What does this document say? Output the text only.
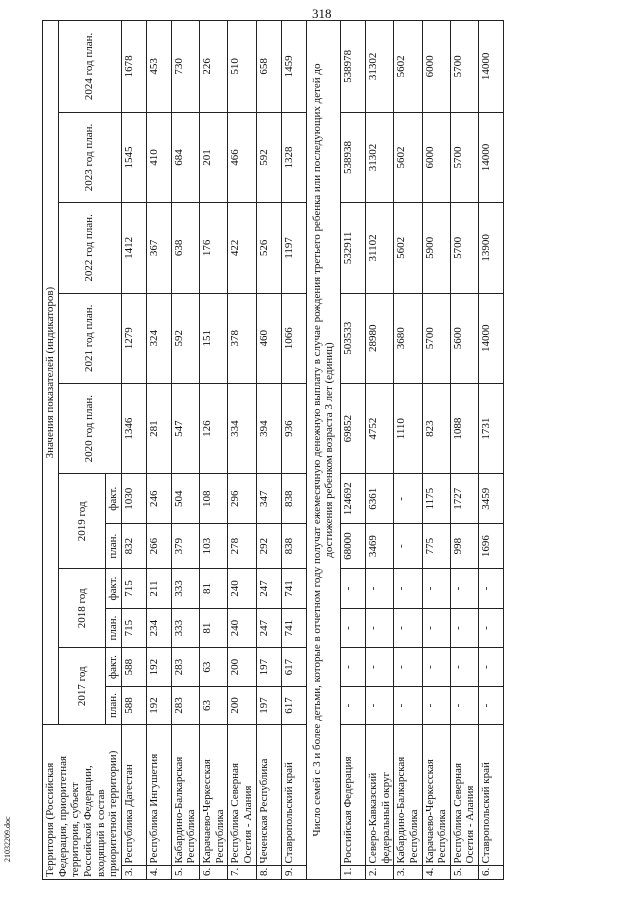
318
21032209.doc	Территория (Российская Федерация, приоритетная территория, субъект Российской Федерации, входящий в состав приоритетной территории)		Значения показателей (индикаторов)										
		2017 год		2018 год		2019 год		2020 год план.	2021 год план.	2022 год план.	2023 год план.	2024 год план.
		план.	факт.	план.	факт.	план.	факт.					
3.	Республика Дагестан	588	588	715	715	832	1030	1346	1279	1412	1545	1678
4.	Республика Ингушетия	192	192	234	211	266	246	281	324	367	410	453
5.	Кабардино-Балкарская Республика	283	283	333	333	379	504	547	592	638	684	730
6.	Карачаево-Черкесская Республика	63	63	81	81	103	108	126	151	176	201	226
7.	Республика Северная Осетия - Алания	200	200	240	240	278	296	334	378	422	466	510
8.	Чеченская Республика	197	197	247	247	292	347	394	460	526	592	658
9.	Ставропольский край	617	617	741	741	838	838	936	1066	1197	1328	1459
Число семей с 3 и более детьми, которые в отчетном году получат ежемесячную денежную выплату в случае рождения третьего ребенка или последующих детей до достижения ребенком возраста 3 лет (единиц)												
1.	Российская Федерация	-	-	-	-	68000	124692	69852	503533	532911	538938	538978
2.	Северо-Кавказский федеральный округ	-	-	-	-	3469	6361	4752	28980	31102	31302	31302
3.	Кабардино-Балкарская Республика	-	-	-	-	-	-	1110	3680	5602	5602	5602
4.	Карачаево-Черкесская Республика	-	-	-	-	775	1175	823	5700	5900	6000	6000
5.	Республика Северная Осетия - Алания	-	-	-	-	998	1727	1088	5600	5700	5700	5700
6.	Ставропольский край	-	-	-	-	1696	3459	1731	14000	13900	14000	14000
